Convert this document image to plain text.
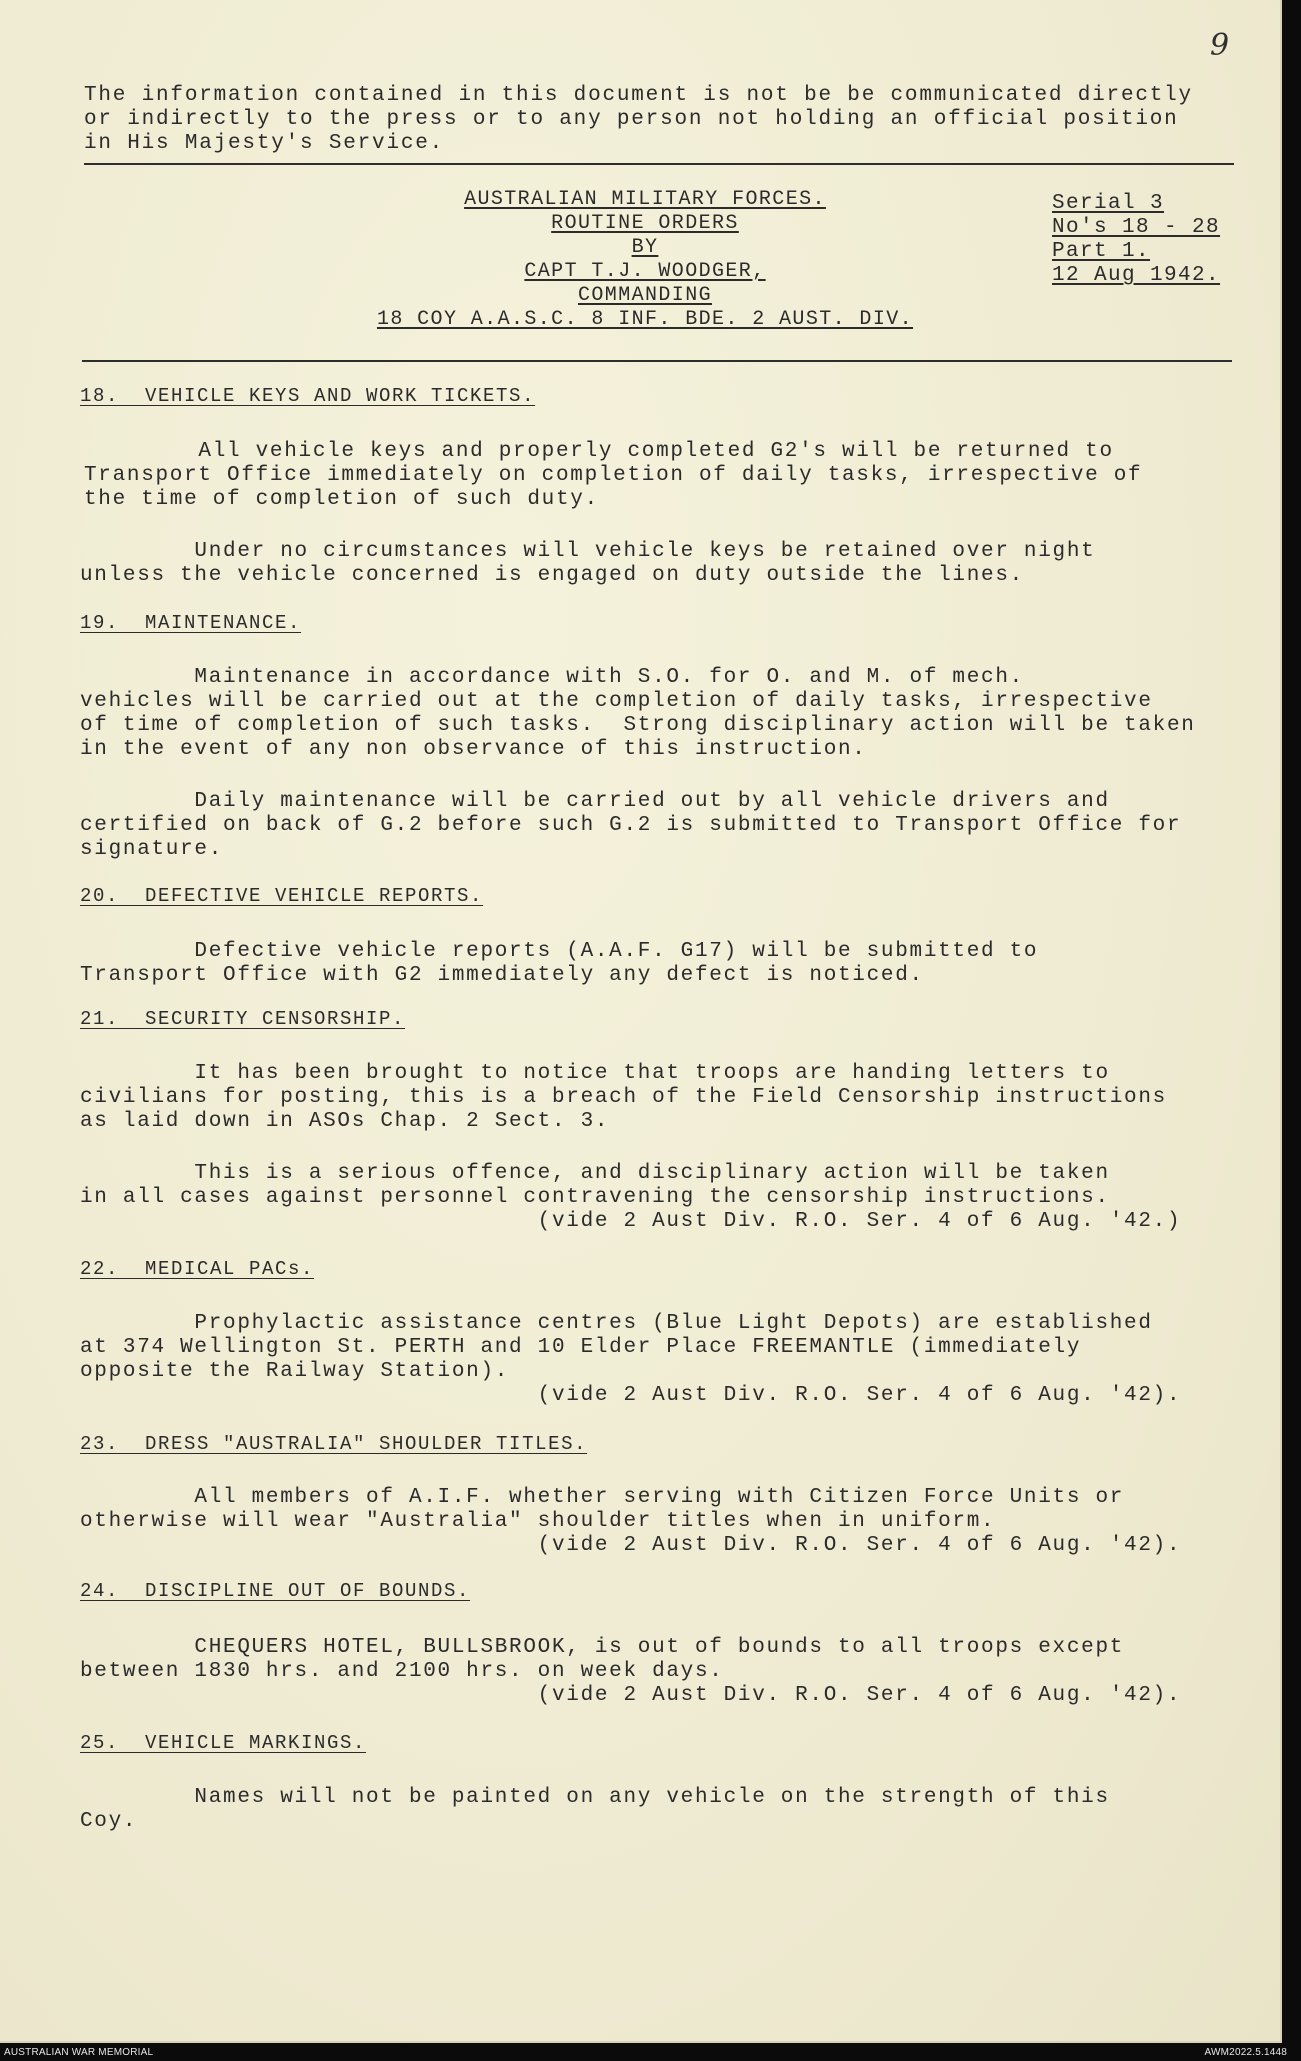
9
The information contained in this document is not be be communicated directly
or indirectly to the press or to any person not holding an official position
in His Majesty's Service.
AUSTRALIAN MILITARY FORCES.
ROUTINE ORDERS
BY
CAPT T.J. WOODGER,
COMMANDING
18 COY A.A.S.C. 8 INF. BDE. 2 AUST. DIV.
Serial 3
No's 18 - 28
Part 1.
12 Aug 1942.
18.  VEHICLE KEYS AND WORK TICKETS.
All vehicle keys and properly completed G2's will be returned to
Transport Office immediately on completion of daily tasks, irrespective of
the time of completion of such duty.
Under no circumstances will vehicle keys be retained over night
unless the vehicle concerned is engaged on duty outside the lines.
19.  MAINTENANCE.
Maintenance in accordance with S.O. for O. and M. of mech.
vehicles will be carried out at the completion of daily tasks, irrespective
of time of completion of such tasks.  Strong disciplinary action will be taken
in the event of any non observance of this instruction.
Daily maintenance will be carried out by all vehicle drivers and
certified on back of G.2 before such G.2 is submitted to Transport Office for
signature.
20.  DEFECTIVE VEHICLE REPORTS.
Defective vehicle reports (A.A.F. G17) will be submitted to
Transport Office with G2 immediately any defect is noticed.
21.  SECURITY CENSORSHIP.
It has been brought to notice that troops are handing letters to
civilians for posting, this is a breach of the Field Censorship instructions
as laid down in ASOs Chap. 2 Sect. 3.
This is a serious offence, and disciplinary action will be taken
in all cases against personnel contravening the censorship instructions.
(vide 2 Aust Div. R.O. Ser. 4 of 6 Aug. '42.)
22.  MEDICAL PACs.
Prophylactic assistance centres (Blue Light Depots) are established
at 374 Wellington St. PERTH and 10 Elder Place FREEMANTLE (immediately
opposite the Railway Station).
(vide 2 Aust Div. R.O. Ser. 4 of 6 Aug. '42).
23.  DRESS "AUSTRALIA" SHOULDER TITLES.
All members of A.I.F. whether serving with Citizen Force Units or
otherwise will wear "Australia" shoulder titles when in uniform.
(vide 2 Aust Div. R.O. Ser. 4 of 6 Aug. '42).
24.  DISCIPLINE OUT OF BOUNDS.
CHEQUERS HOTEL, BULLSBROOK, is out of bounds to all troops except
between 1830 hrs. and 2100 hrs. on week days.
(vide 2 Aust Div. R.O. Ser. 4 of 6 Aug. '42).
25.  VEHICLE MARKINGS.
Names will not be painted on any vehicle on the strength of this
Coy.
AUSTRALIAN WAR MEMORIAL	AWM2022.5.1448
